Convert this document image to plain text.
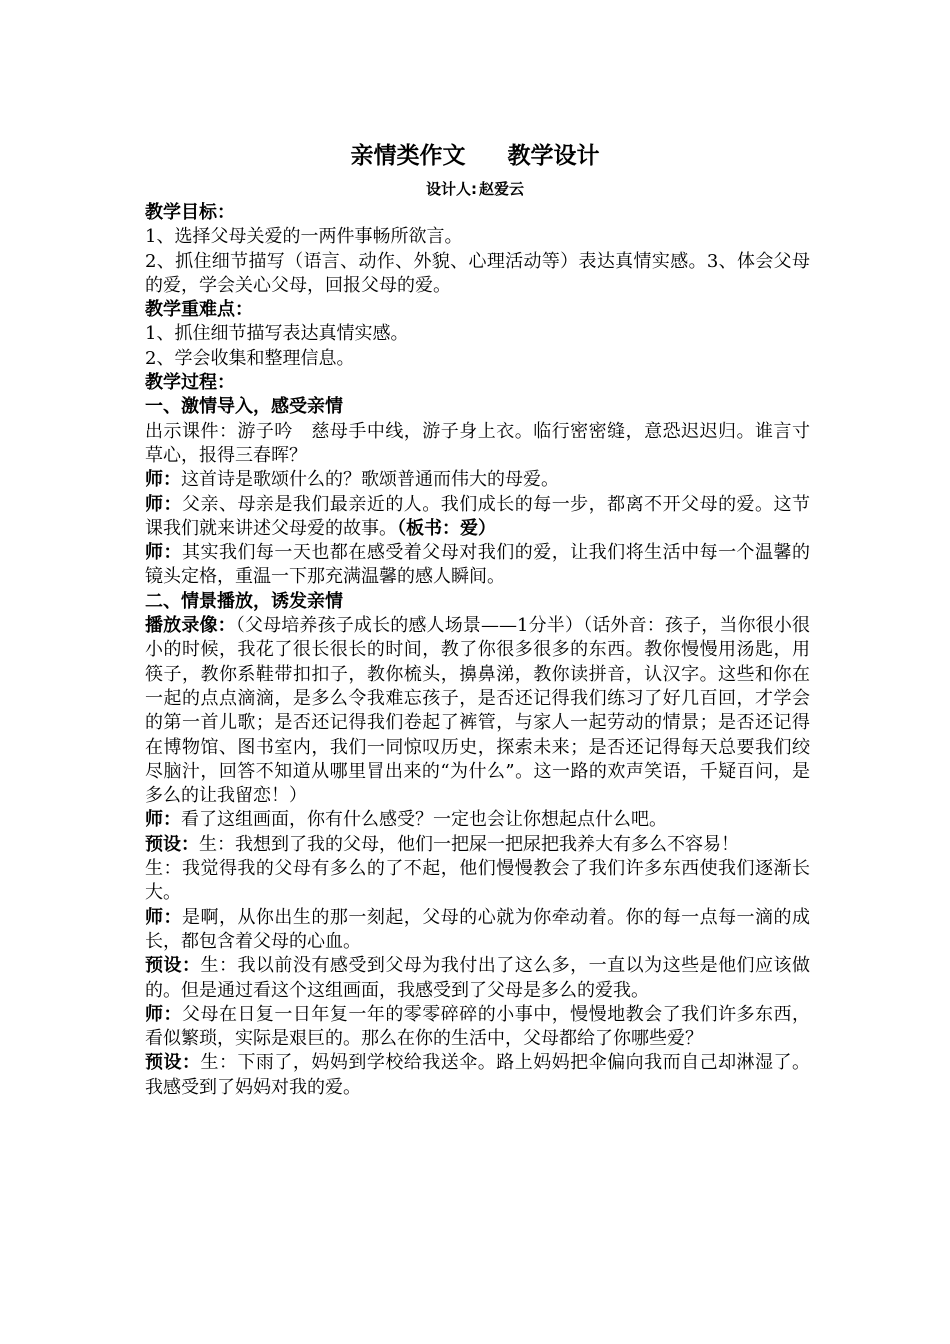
亲情类作文 教学设计
设计人: 赵爱云

教学目标：

1、选择父母关爱的一两件事畅所欲言。

2、抓住细节描写（语言、动作、外貌、心理活动等）表达真情实感。3、体会父母的爱，学会关心父母，回报父母的爱。

教学重难点：

1、抓住细节描写表达真情实感。

2、学会收集和整理信息。

教学过程：

一、激情导入，感受亲情

出示课件：游子吟 慈母手中线，游子身上衣。临行密密缝，意恐迟迟归。谁言寸草心，报得三春晖？

师：这首诗是歌颂什么的？歌颂普通而伟大的母爱。

师：父亲、母亲是我们最亲近的人。我们成长的每一步，都离不开父母的爱。这节课我们就来讲述父母爱的故事。（板书：爱）

师：其实我们每一天也都在感受着父母对我们的爱，让我们将生活中每一个温馨的镜头定格，重温一下那充满温馨的感人瞬间。

二、情景播放，诱发亲情

播放录像：（父母培养孩子成长的感人场景——1分半）（话外音：孩子，当你很小很小的时候，我花了很长很长的时间，教了你很多很多的东西。教你慢慢用汤匙，用筷子，教你系鞋带扣扣子，教你梳头，擤鼻涕，教你读拼音，认汉字。这些和你在一起的点点滴滴，是多么令我难忘孩子，是否还记得我们练习了好几百回，才学会的第一首儿歌；是否还记得我们卷起了裤管，与家人一起劳动的情景；是否还记得在博物馆、图书室内，我们一同惊叹历史，探索未来；是否还记得每天总要我们绞尽脑汁，回答不知道从哪里冒出来的“为什么”。这一路的欢声笑语，千疑百问，是多么的让我留恋！）

师：看了这组画面，你有什么感受？一定也会让你想起点什么吧。

预设：生：我想到了我的父母，他们一把屎一把尿把我养大有多么不容易！

生：我觉得我的父母有多么的了不起，他们慢慢教会了我们许多东西使我们逐渐长大。

师：是啊，从你出生的那一刻起，父母的心就为你牵动着。你的每一点每一滴的成长，都包含着父母的心血。

预设：生：我以前没有感受到父母为我付出了这么多，一直以为这些是他们应该做的。但是通过看这个这组画面，我感受到了父母是多么的爱我。

师：父母在日复一日年复一年的零零碎碎的小事中，慢慢地教会了我们许多东西，看似繁琐，实际是艰巨的。那么在你的生活中，父母都给了你哪些爱？

预设：生：下雨了，妈妈到学校给我送伞。路上妈妈把伞偏向我而自己却淋湿了。我感受到了妈妈对我的爱。
